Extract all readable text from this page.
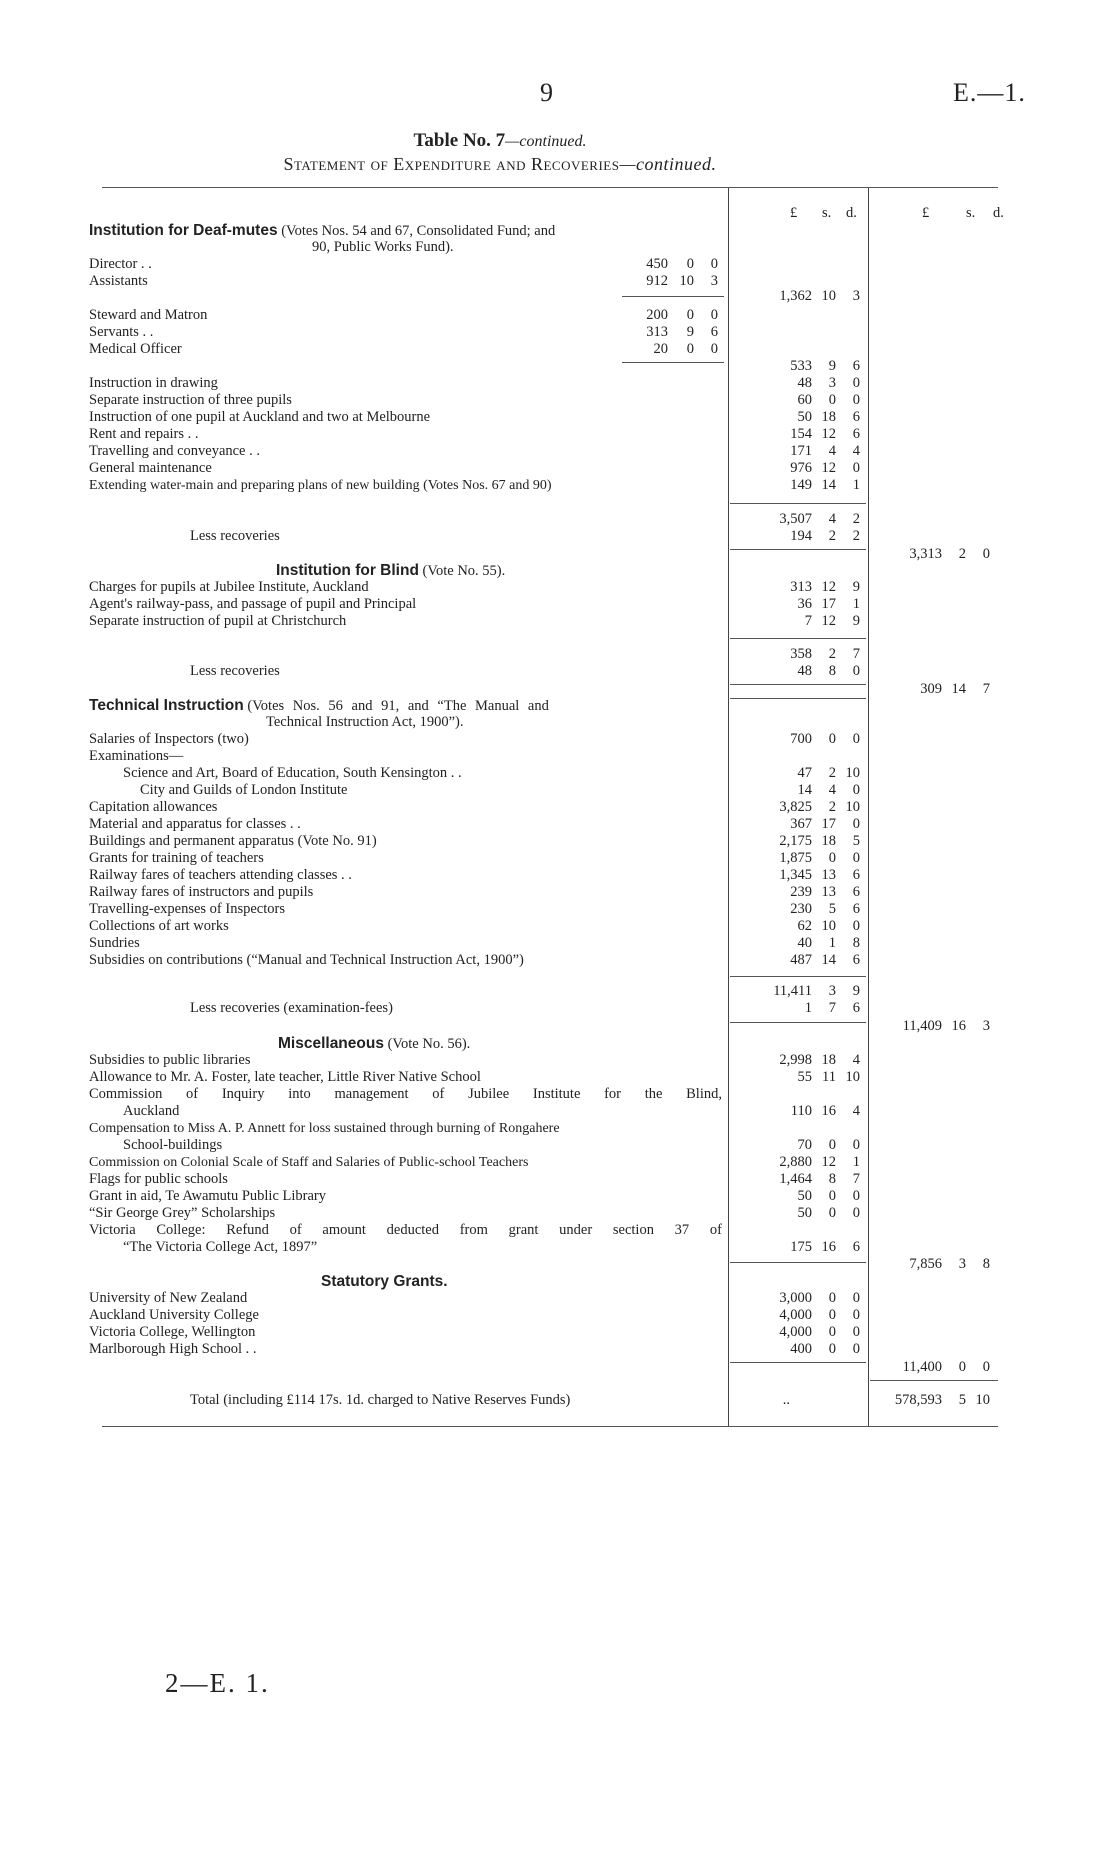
9	E.—1.
Table No. 7—continued.
Statement of Expenditure and Recoveries—continued.
£ s. d.	£	s. d.
Institution for Deaf-mutes (Votes Nos. 54 and 67, Consolidated Fund; and
90, Public Works Fund).
Director . .	450	0	0
Assistants	912 10	3
1,362 10	3
Steward and Matron	200	0	0
Servants . .	313	9	6
Medical Officer	20	0	0
533	9	6
Instruction in drawing	48	3	0
Separate instruction of three pupils	60	0	0
Instruction of one pupil at Auckland and two at Melbourne	50 18	6
Rent and repairs . .	154 12	6
Travelling and conveyance . .	171	4	4
General maintenance	976 12	0
Extending water-main and preparing plans of new building (Votes Nos. 67 and 90)	149 14	1
3,507	4	2
Less recoveries	194	2	2
3,313	2	0
Institution for Blind (Vote No. 55).
Charges for pupils at Jubilee Institute, Auckland	313 12	9
Agent's railway-pass, and passage of pupil and Principal	36 17	1
Separate instruction of pupil at Christchurch	7 12	9
358	2	7
Less recoveries	48	8	0
309 14	7
Technical Instruction (Votes Nos. 56 and 91, and “The Manual and
Technical Instruction Act, 1900”).
Salaries of Inspectors (two)	700	0	0
Examinations—
Science and Art, Board of Education, South Kensington . .	47	2 10
City and Guilds of London Institute	14	4	0
Capitation allowances	3,825	2 10
Material and apparatus for classes . .	367 17	0
Buildings and permanent apparatus (Vote No. 91)	2,175 18	5
Grants for training of teachers	1,875	0	0
Railway fares of teachers attending classes . .	1,345 13	6
Railway fares of instructors and pupils	239 13	6
Travelling-expenses of Inspectors	230	5	6
Collections of art works	62 10	0
Sundries	40	1	8
Subsidies on contributions (“Manual and Technical Instruction Act, 1900”)	487 14	6
11,411	3	9
Less recoveries (examination-fees)	1	7	6
11,409 16	3
Miscellaneous (Vote No. 56).
Subsidies to public libraries	2,998 18	4
Allowance to Mr. A. Foster, late teacher, Little River Native School	55 11 10
Commission of Inquiry into management of Jubilee Institute for the Blind,
Auckland	110 16	4
Compensation to Miss A. P. Annett for loss sustained through burning of Rongahere
School-buildings	70	0	0
Commission on Colonial Scale of Staff and Salaries of Public-school Teachers	2,880 12	1
Flags for public schools	1,464	8	7
Grant in aid, Te Awamutu Public Library	50	0	0
“Sir George Grey” Scholarships	50	0	0
Victoria College: Refund of amount deducted from grant under section 37 of
“The Victoria College Act, 1897”	175 16	6
7,856	3	8
Statutory Grants.
University of New Zealand	3,000	0	0
Auckland University College	4,000	0	0
Victoria College, Wellington	4,000	0	0
Marlborough High School . .	400	0	0
11,400	0	0
Total (including £114 17s. 1d. charged to Native Reserves Funds)	..	578,593	5 10
2—E. 1.
